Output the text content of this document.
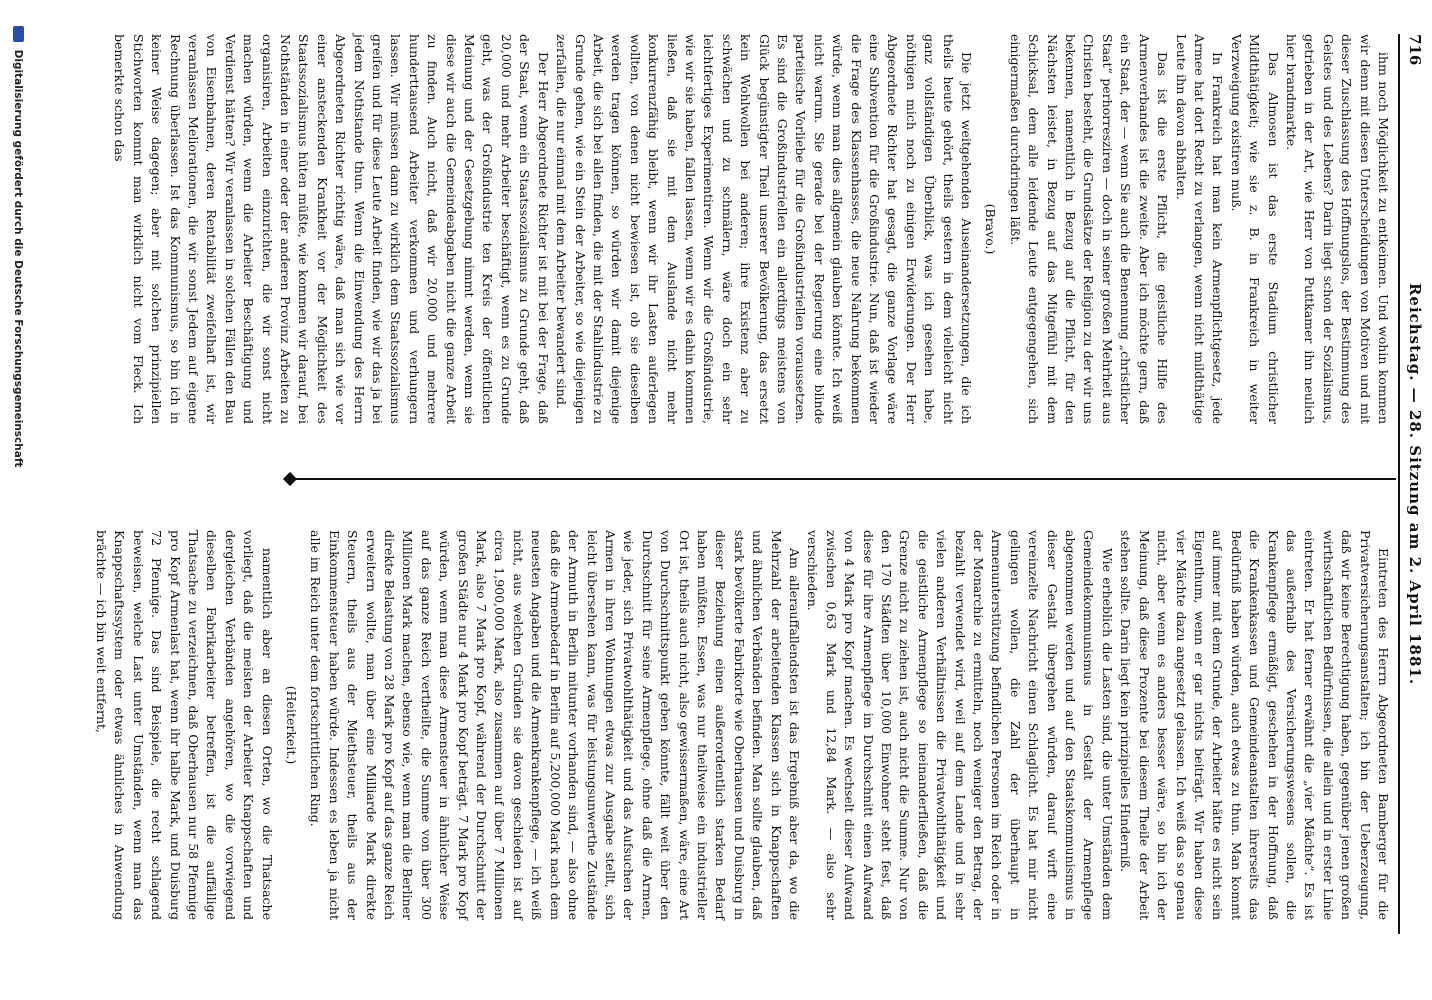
716
Reichstag. — 28. Sitzung am 2. April 1881.

ihm noch Möglichkeit zu entkeimen. Und wohin kommen wir denn mit diesen Unterscheidungen von Motiven und mit dieser Zuschlassung des Hoffnungslos, der Bestimmung des Geistes und des Lebens? Darin liegt schon der Sozialismus, getrieben in der Art, wie Herr von Puttkamer ihn neulich hier brandmarkte.

Das Almosen ist das erste Stadium christlicher Mildthätigkeit; wie sie z. B. in Frankreich in weiter Verzweigung existiren muß.

In Frankreich hat man kein Armenpflichtgesetz, jede Armee hat dort Recht zu verlangen, wenn nicht mildthätige Leute ihn davon abhalten.

Das ist die erste Pflicht, die geistliche Hilfe des Armenverbandes ist die zweite. Aber ich möchte gern, daß ein Staat, der — wenn Sie auch die Benennung „christlicher Staat“ perhorresziren — doch in seiner großen Mehrheit aus Christen besteht, die Grundsätze der Religion zu der wir uns bekennen, namentlich in Bezug auf die Pflicht, für den Nächsten leistet, in Bezug auf das Mitgefühl mit dem Schicksal, dem alle leidende Leute entgegengehen, sich einigermaßen durchdringen läßt.

(Bravo.)

Die jetzt weitgehenden Auseinandersetzungen, die ich theils heute gehört, theils gestern in dem vielleicht nicht ganz vollständigen Überblick, was ich gesehen habe, nöthigen mich noch zu einigen Erwiderungen. Der Herr Abgeordnete Richter hat gesagt, die ganze Vorlage wäre eine Subvention für die Großindustrie. Nun, daß ist wieder die Frage des Klassenhasses, die neue Nahrung bekommen würde, wenn man dies allgemein glauben könnte. Ich weiß nicht warum. Sie gerade bei der Regierung eine blinde parteiische Vorliebe für die Großindustriellen voraussetzen. Es sind die Großindustriellen ein allerdings meistens von Glück begünstigter Theil unserer Bevölkerung, das ersetzt kein Wohlwollen bei anderen; ihre Existenz aber zu schwächen und zu schmälern, wäre doch ein sehr leichtfertiges Experimentiren. Wenn wir die Großindustrie, wie wir sie haben, fallen lassen, wenn wir es dahin kommen ließen, daß sie mit dem Auslande nicht mehr konkurrenzfähig bleibt, wenn wir ihr Lasten auferlegen wollten, von denen nicht bewiesen ist, ob sie dieselben werden tragen können, so würden wir damit diejenige Arbeit, die sich bei allen finden, die mit der Stahlindustrie zu Grunde gehen, wie ein Stein der Arbeiter, so wie diejenigen zerfallen, die nur einmal mit dem Arbeiter bewandert sind.

Der Herr Abgeordnete Richter ist mit bei der Frage, daß der Staat, wenn ein Staatssozialismus zu Grunde geht, daß 20,000 und mehr Arbeiter beschäftigt, wenn es zu Grunde geht, was der Großindustrie ten Kreis der öffentlichen Meinung und der Gesetzgebung nimmt werden, wenn sie diese wir auch die Gemeindeabgaben nicht die ganze Arbeit zu finden. Auch nicht, daß wir 20,000 und mehrere hunderttausend Arbeiter verkommen und verhungern lassen. Wir müssen dann zu wirklich dem Staatssozialismus greifen und für diese Leute Arbeit finden, wie wir das ja bei jedem Nothstande thun. Wenn die Einwendung des Herrn Abgeordneten Richter richtig wäre, daß man sich wie vor einer ansteckenden Krankheit vor der Möglichkeit des Staatssozialismus hüten müßte, wie kommen wir darauf, bei Nothständen in einer oder der anderen Provinz Arbeiten zu organisiren, Arbeiten einzurichten, die wir sonst nicht machen würden, wenn die Arbeiter Beschäftigung und Verdienst hätten? Wir veranlassen in solchen Fällen den Bau von Eisenbahnen, deren Rentabilität zweifelhaft ist, wir veranlassen Meliorationen, die wir sonst Jedem auf eigene Rechnung überlassen. Ist das Kommunismus, so bin ich in keiner Weise dagegen; aber mit solchen prinzipiellen Stichworten kommt man wirklich nicht vom Fleck. Ich bemerkte schon das

Eintreten des Herrn Abgeordneten Bamberger für die Privatversicherungsanstalten; ich bin der Ueberzeugung, daß wir keine Berechtigung haben, gegenüber jenen großen wirthschaftlichen Bedürfnissen, die allein und in erster Linie eintreten. Er hat ferner erwähnt die „vier Mächte“. Es ist das außerhalb des Versicherungswesens sollen, die Krankenpflege ermäßigt, geschehen in der Hoffnung, daß die Krankenkassen und Gemeindeanstalten ihrerseits das Bedürfniß haben würden, auch etwas zu thun. Man kommt auf immer mit dem Grunde, der Arbeiter hätte es nicht sein Eigenthum, wenn er gar nichts beiträgt. Wir haben diese vier Mächte dazu angesetzt gelassen. Ich weiß das so genau nicht, aber wenn es anders besser wäre, so bin ich der Meinung, daß diese Prozente bei diesem Theile der Arbeit stehen sollte. Darin liegt kein prinzipielles Hinderniß.

Wie erheblich die Lasten sind, die unter Umständen dem Gemeindekommunismus in Gestalt der Armenpflege abgenommen werden und auf den Staatskommunismus in dieser Gestalt übergehen würden, darauf wirft eine vereinzelte Nachricht einen Schlaglicht. Es hat mir nicht gelingen wollen, die Zahl der überhaupt in Armenunterstützung befindlichen Personen im Reich oder in der Monarchie zu ermitteln, noch weniger den Betrag, der bezahlt verwendet wird, weil auf dem Lande und in sehr vielen anderen Verhältnissen die Privatwohlthätigkeit und die geistliche Armenpflege so ineinanderfließen, daß die Grenze nicht zu ziehen ist, auch nicht die Summe. Nur von den 170 Städten über 10,000 Einwohner steht fest, daß diese für ihre Armenpflege im Durchschnitt einen Aufwand von 4 Mark pro Kopf machen. Es wechselt dieser Aufwand zwischen 0,63 Mark und 12,84 Mark. — also sehr verschieden.

Am allerauffallendsten ist das Ergebniß aber da, wo die Mehrzahl der arbeitenden Klassen sich in Knappschaften und ähnlichen Verbänden befinden. Man sollte glauben, daß stark bevölkerte Fabrikorte wie Oberhausen und Duisburg in dieser Beziehung einen außerordentlich starken Bedarf haben müßten. Essen, was nur theilweise ein industrieller Ort ist, theils auch nicht, also gewissermaßen, wäre, eine Art von Durchschnittspunkt geben könnte, fällt weit über den Durchschnitt für seine Armenpflege, ohne daß die Armen, wie jeder, sich Privatwohlthätigkeit und das Aufsuchen der Armen in ihren Wohnungen etwas zur Ausgabe stellt, sich leicht übersehen kann, was für leistungsunwerthe Zustände der Armuth in Berlin mitunter vorhanden sind, — also ohne daß die Armenbedarf in Berlin auf 5,200,000 Mark nach dem neuesten Angaben und die Armenkrankenpflege, — ich weiß nicht, aus welchen Gründen sie davon geschieden ist auf circa 1,900,000 Mark, also zusammen auf über 7 Millionen Mark, also 7 Mark pro Kopf, während der Durchschnitt der großen Städte nur 4 Mark pro Kopf beträgt. 7 Mark pro Kopf würden, wenn man diese Armensteuer in ähnlicher Weise auf das ganze Reich vertheilte, die Summe von über 300 Millionen Mark machen, ebenso wie, wenn man die Berliner direkte Belastung von 28 Mark pro Kopf auf das ganze Reich erweitern wollte, man über eine Milliarde Mark direkte Steuern, theils aus der Miethsteuer, theils aus der Einkommensteuer haben würde. Indessen es leben ja nicht alle im Reich unter dem fortschrittlichen Ring.

(Heiterkeit.)

namentlich aber an diesen Orten, wo die Thatsache vorliegt, daß die meisten der Arbeiter Knappschaften und dergleichen Verbänden angehören, wo die vorwiegend dieselben Fabrikarbeiter betreffen, ist die auffällige Thatsache zu verzeichnen, daß Oberhausen nur 58 Pfennige pro Kopf Armenlast hat, wenn ihr halbe Mark, und Duisburg 72 Pfennige. Das sind Beispiele, die recht schlagend beweisen, welche Last unter Umständen, wenn man das Knappschaftssystem oder etwas ähnliches in Anwendung brächte — ich bin weit entfernt,

Digitalisierung gefördert durch die Deutsche Forschungsgemeinschaft
